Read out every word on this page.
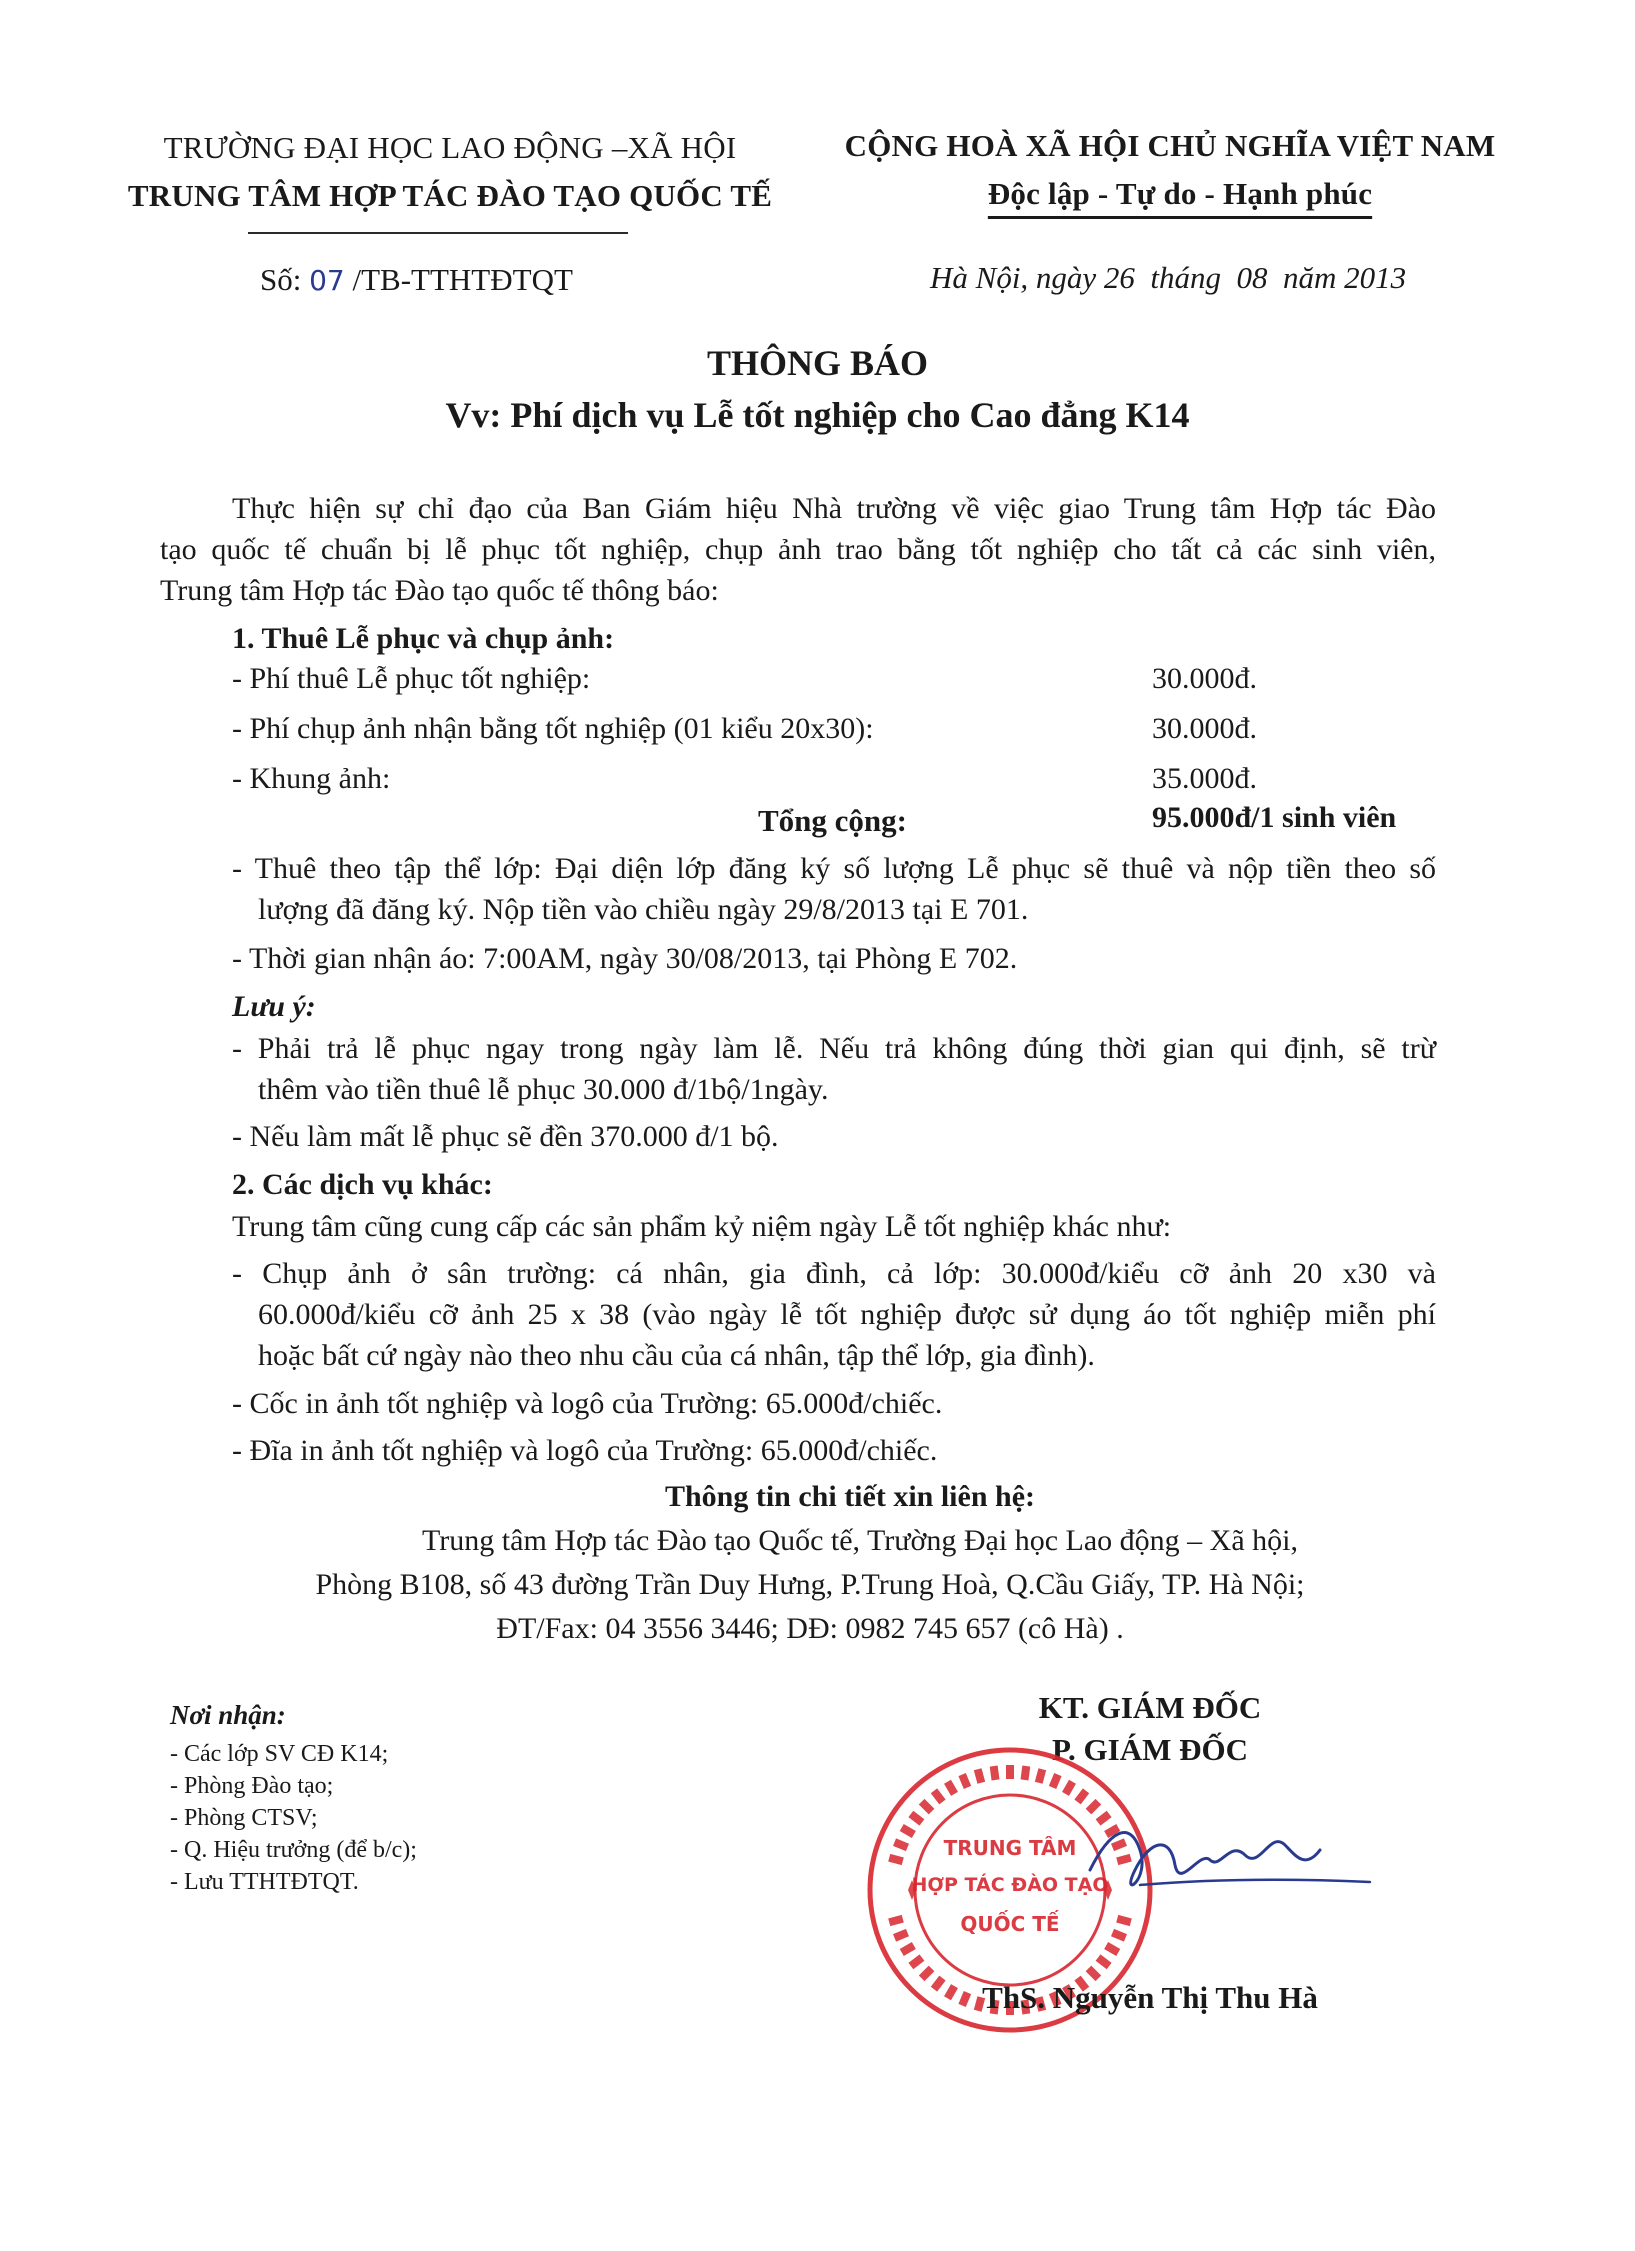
TRƯỜNG ĐẠI HỌC LAO ĐỘNG –XÃ HỘI
TRUNG TÂM HỢP TÁC ĐÀO TẠO QUỐC TẾ
CỘNG HOÀ XÃ HỘI CHỦ NGHĨA VIỆT NAM
Độc lập - Tự do - Hạnh phúc
Số: 07 /TB-TTHTĐTQT	Hà Nội, ngày 26  tháng  08  năm 2013
THÔNG BÁO
Vv: Phí dịch vụ Lễ tốt nghiệp cho Cao đẳng K14
Thực hiện sự chỉ đạo của Ban Giám hiệu Nhà trường về việc giao Trung tâm Hợp tác Đào
tạo quốc tế chuẩn bị lễ phục tốt nghiệp, chụp ảnh trao bằng tốt nghiệp cho tất cả các sinh viên,
Trung tâm Hợp tác Đào tạo quốc tế thông báo:
1. Thuê Lễ phục và chụp ảnh:
- Phí thuê Lễ phục tốt nghiệp:	30.000đ.
- Phí chụp ảnh nhận bằng tốt nghiệp (01 kiểu 20x30):	30.000đ.
- Khung ảnh:	35.000đ.
Tổng cộng:	95.000đ/1 sinh viên
- Thuê theo tập thể lớp: Đại diện lớp đăng ký số lượng Lễ phục sẽ thuê và nộp tiền theo số
lượng đã đăng ký. Nộp tiền vào chiều ngày 29/8/2013 tại E 701.
- Thời gian nhận áo: 7:00AM, ngày 30/08/2013, tại Phòng E 702.
Lưu ý:
- Phải trả lễ phục ngay trong ngày làm lễ. Nếu trả không đúng thời gian qui định, sẽ trừ
thêm vào tiền thuê lễ phục 30.000 đ/1bộ/1ngày.
- Nếu làm mất lễ phục sẽ đền 370.000 đ/1 bộ.
2. Các dịch vụ khác:
Trung tâm cũng cung cấp các sản phẩm kỷ niệm ngày Lễ tốt nghiệp khác như:
- Chụp ảnh ở sân trường: cá nhân, gia đình, cả lớp: 30.000đ/kiểu cỡ ảnh 20 x30 và
60.000đ/kiểu cỡ ảnh 25 x 38 (vào ngày lễ tốt nghiệp được sử dụng áo tốt nghiệp miễn phí
hoặc bất cứ ngày nào theo nhu cầu của cá nhân, tập thể lớp, gia đình).
- Cốc in ảnh tốt nghiệp và logô của Trường: 65.000đ/chiếc.
- Đĩa in ảnh tốt nghiệp và logô của Trường: 65.000đ/chiếc.
Thông tin chi tiết xin liên hệ:
Trung tâm Hợp tác Đào tạo Quốc tế, Trường Đại học Lao động – Xã hội,
Phòng B108, số 43 đường Trần Duy Hưng, P.Trung Hoà, Q.Cầu Giấy, TP. Hà Nội;
ĐT/Fax: 04 3556 3446; DĐ: 0982 745 657 (cô Hà) .
Nơi nhận:
- Các lớp SV CĐ K14;
- Phòng Đào tạo;
- Phòng CTSV;
- Q. Hiệu trưởng (để b/c);
- Lưu TTHTĐTQT.
KT. GIÁM ĐỐC
P. GIÁM ĐỐC
TRUNG TÂM
HỢP TÁC ĐÀO TẠO
QUỐC TẾ
ThS. Nguyễn Thị Thu Hà
